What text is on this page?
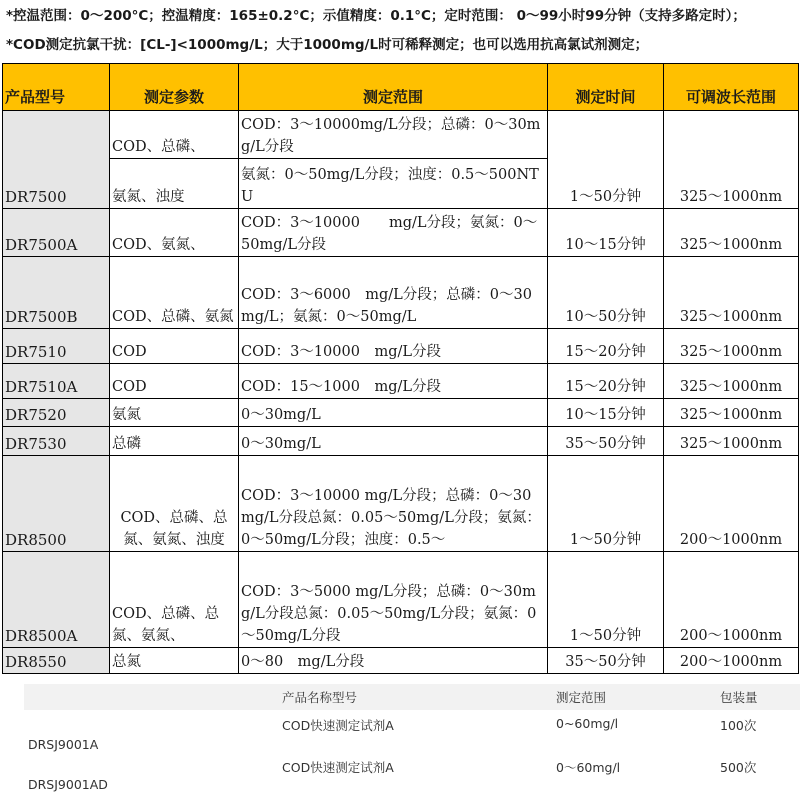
*控温范围：0～200°C；控温精度：165±0.2°C；示值精度：0.1°C；定时范围： 0～99小时99分钟（支持多路定时）；
*COD测定抗氯干扰：[CL-]<1000mg/L；大于1000mg/L时可稀释测定；也可以选用抗高氯试剂测定；
产品型号	测定参数	测定范围	测定时间	可调波长范围
DR7500	COD、总磷、	COD：3～10000mg/L分段；总磷：0～30mg/L分段	1～50分钟	325～1000nm
	氨氮、浊度	氨氮：0～50mg/L分段；浊度：0.5～500NTU		
DR7500A	COD、氨氮、	COD：3～10000　　mg/L分段；氨氮：0～50mg/L分段	10～15分钟	325～1000nm
DR7500B	COD、总磷、氨氮	COD：3～6000　mg/L分段；总磷：0～30mg/L；氨氮：0～50mg/L	10～50分钟	325～1000nm
DR7510	COD	COD：3～10000　mg/L分段	15～20分钟	325～1000nm
DR7510A	COD	COD：15～1000　mg/L分段	15～20分钟	325～1000nm
DR7520	氨氮	0～30mg/L	10～15分钟	325～1000nm
DR7530	总磷	0～30mg/L	35～50分钟	325～1000nm
DR8500	COD、总磷、总氮、氨氮、浊度	COD：3～10000 mg/L分段；总磷：0～30mg/L分段总氮：0.05～50mg/L分段；氨氮：0～50mg/L分段；浊度：0.5～	1～50分钟	200～1000nm
DR8500A	COD、总磷、总氮、氨氮、	COD：3～5000 mg/L分段；总磷：0～30mg/L分段总氮：0.05～50mg/L分段；氨氮：0～50mg/L分段	1～50分钟	200～1000nm
DR8550	总氮	0～80　mg/L分段	35～50分钟	200～1000nm
	产品名称型号	测定范围	包装量
DRSJ9001A	COD快速测定试剂A	0~60mg/l	100次
DRSJ9001AD	COD快速测定试剂A	0～60mg/l	500次
